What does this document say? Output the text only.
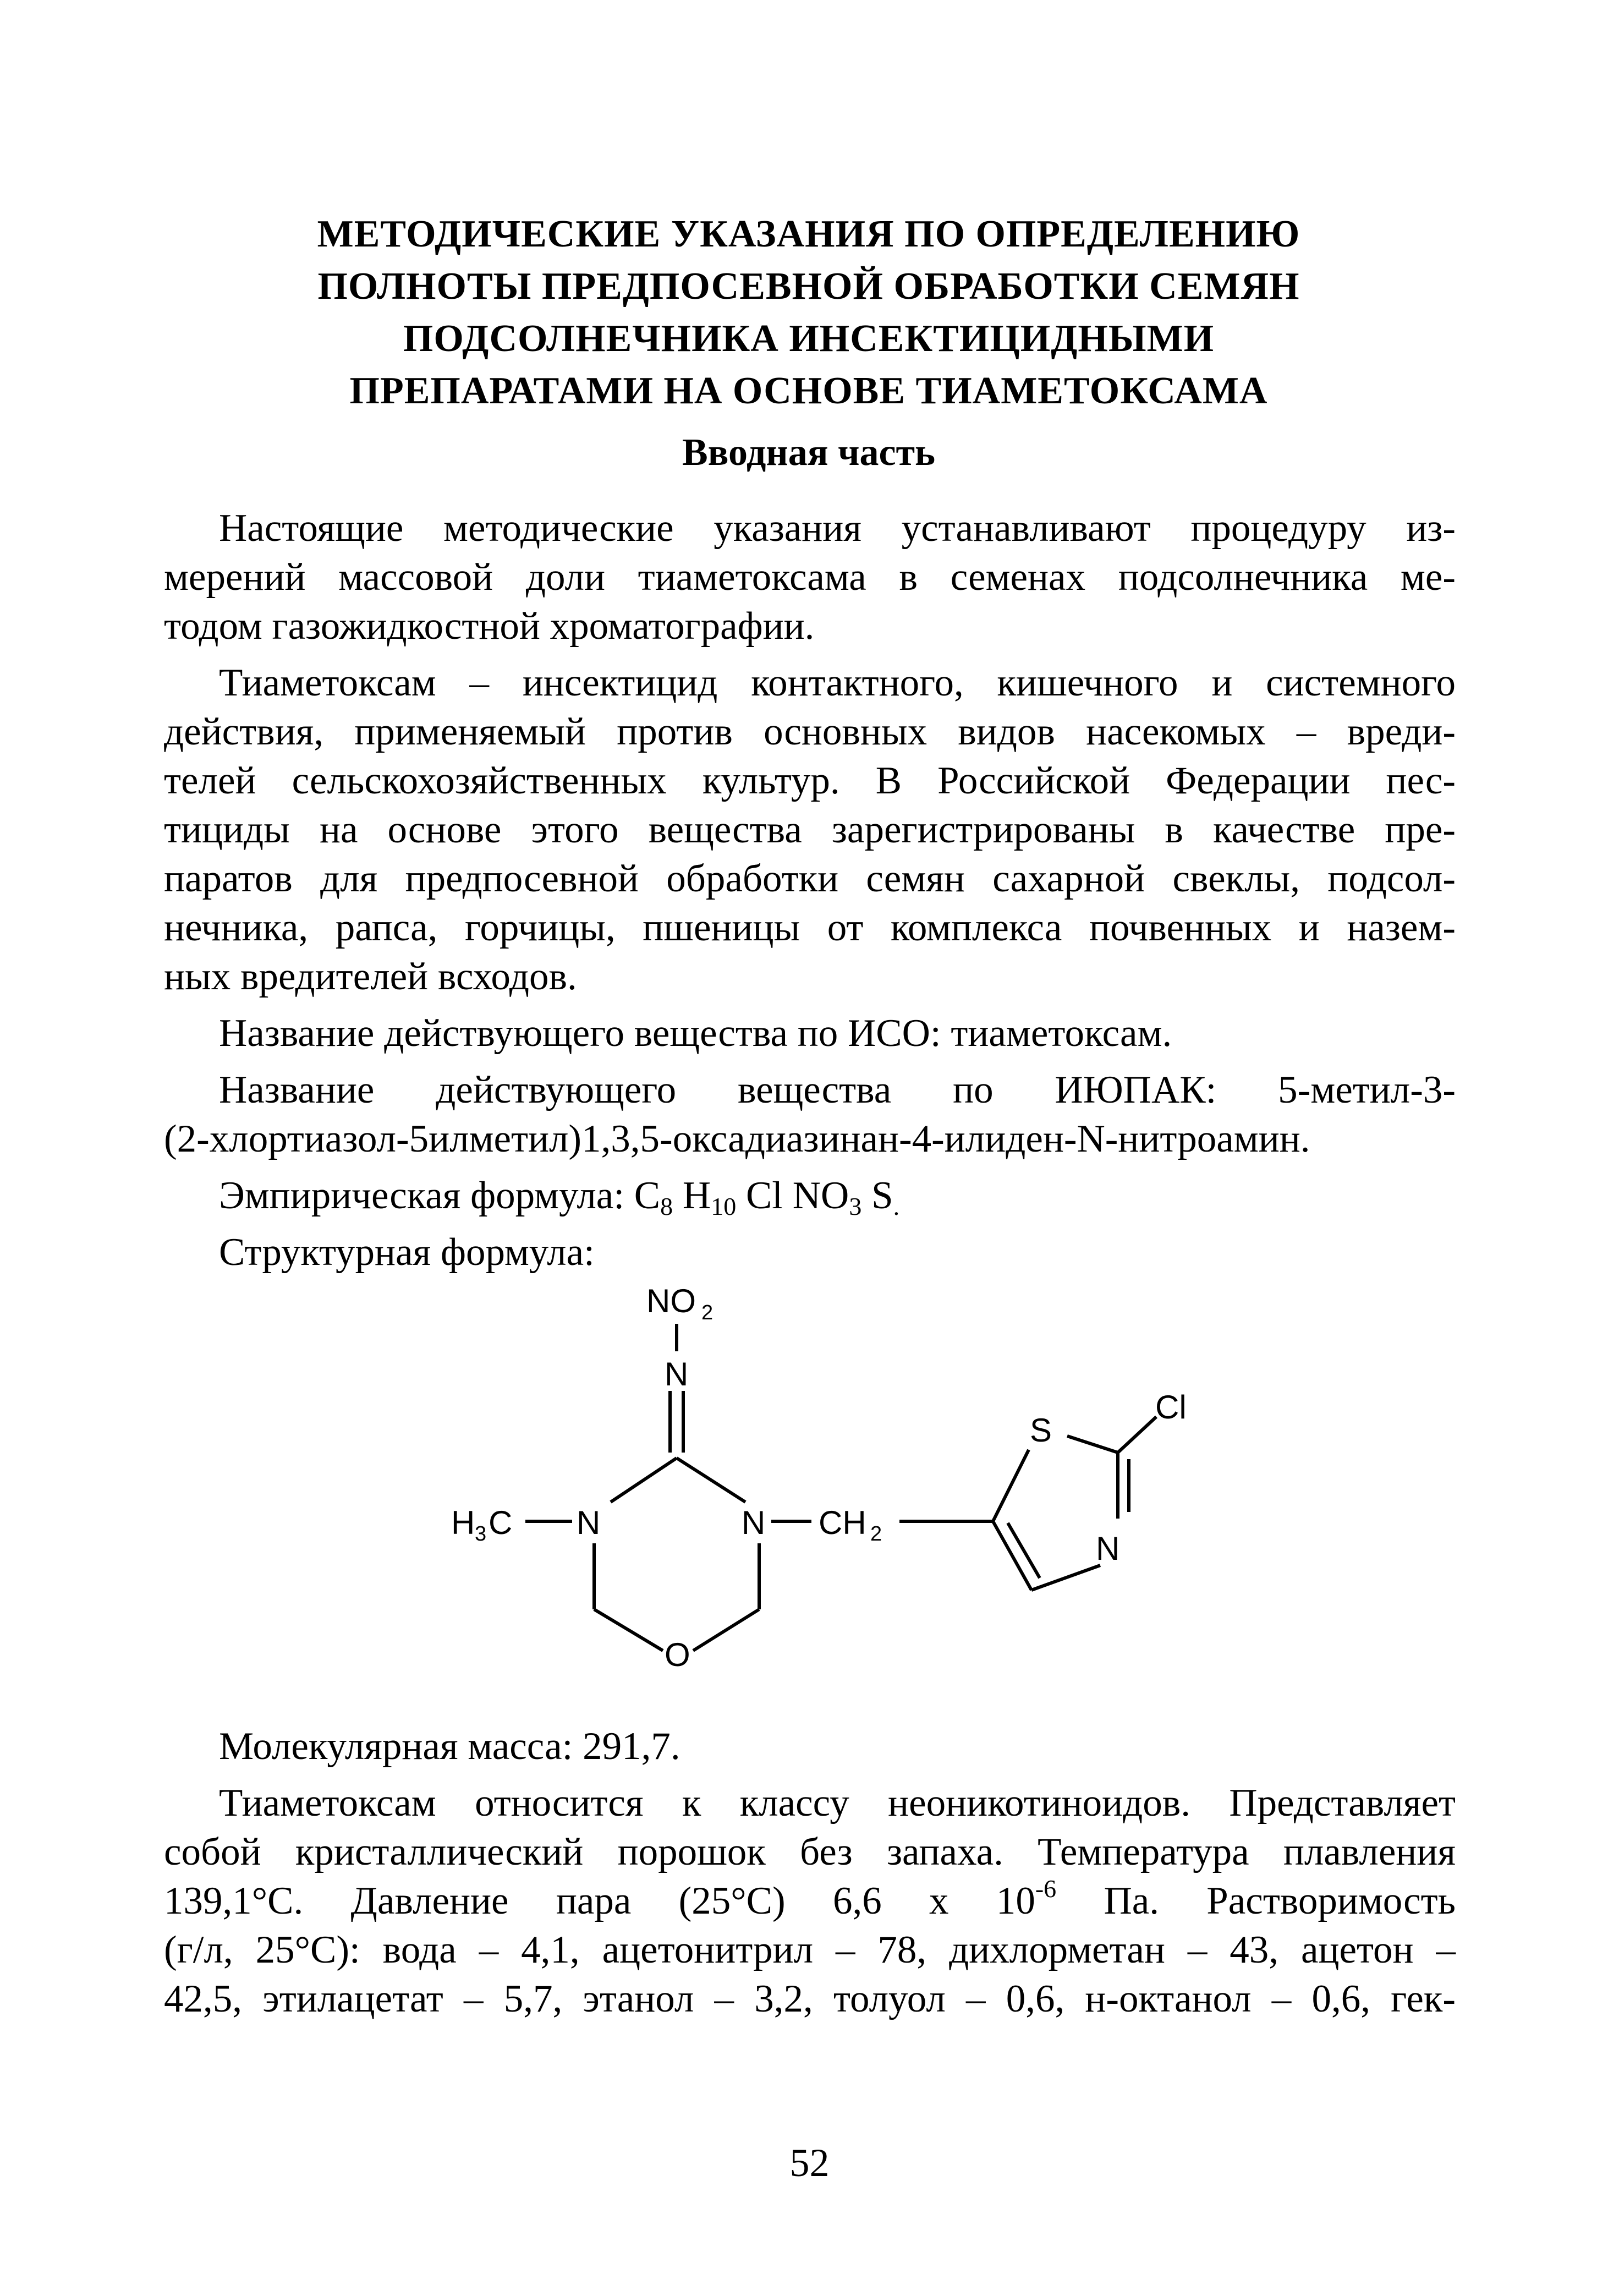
МЕТОДИЧЕСКИЕ УКАЗАНИЯ ПО ОПРЕДЕЛЕНИЮ
ПОЛНОТЫ ПРЕДПОСЕВНОЙ ОБРАБОТКИ СЕМЯН
ПОДСОЛНЕЧНИКА ИНСЕКТИЦИДНЫМИ
ПРЕПАРАТАМИ НА ОСНОВЕ ТИАМЕТОКСАМА
Вводная часть

Настоящие методические указания устанавливают процедуру из-
мерений массовой доли тиаметоксама в семенах подсолнечника ме-
тодом газожидкостной хроматографии.

Тиаметоксам – инсектицид контактного, кишечного и системного
действия, применяемый против основных видов насекомых – вреди-
телей сельскохозяйственных культур. В Российской Федерации пес-
тициды на основе этого вещества зарегистрированы в качестве пре-
паратов для предпосевной обработки семян сахарной свеклы, подсол-
нечника, рапса, горчицы, пшеницы от комплекса почвенных и назем-
ных вредителей всходов.

Название действующего вещества по ИСО: тиаметоксам.

Название действующего вещества по ИЮПАК: 5-метил-3-
(2-хлортиазол-5илметил)1,3,5-оксадиазинан-4-илиден-N-нитроамин.

Эмпирическая формула: $C_8$ $H_{10}$ Cl $NO_3$ $S_.$

Структурная формула:

NO 2
N
H 3 C N	N
O
CH 2
S
N
Cl

Молекулярная масса: 291,7.

Тиаметоксам относится к классу неоникотиноидов. Представляет
собой кристаллический порошок без запаха. Температура плавления
139,1°С. Давление пара (25°С) 6,6 х $10^{-6}$ Па. Растворимость
(г/л, 25°С): вода – 4,1, ацетонитрил – 78, дихлорметан – 43, ацетон –
42,5, этилацетат – 5,7, этанол – 3,2, толуол – 0,6, н-октанол – 0,6, гек-

52
